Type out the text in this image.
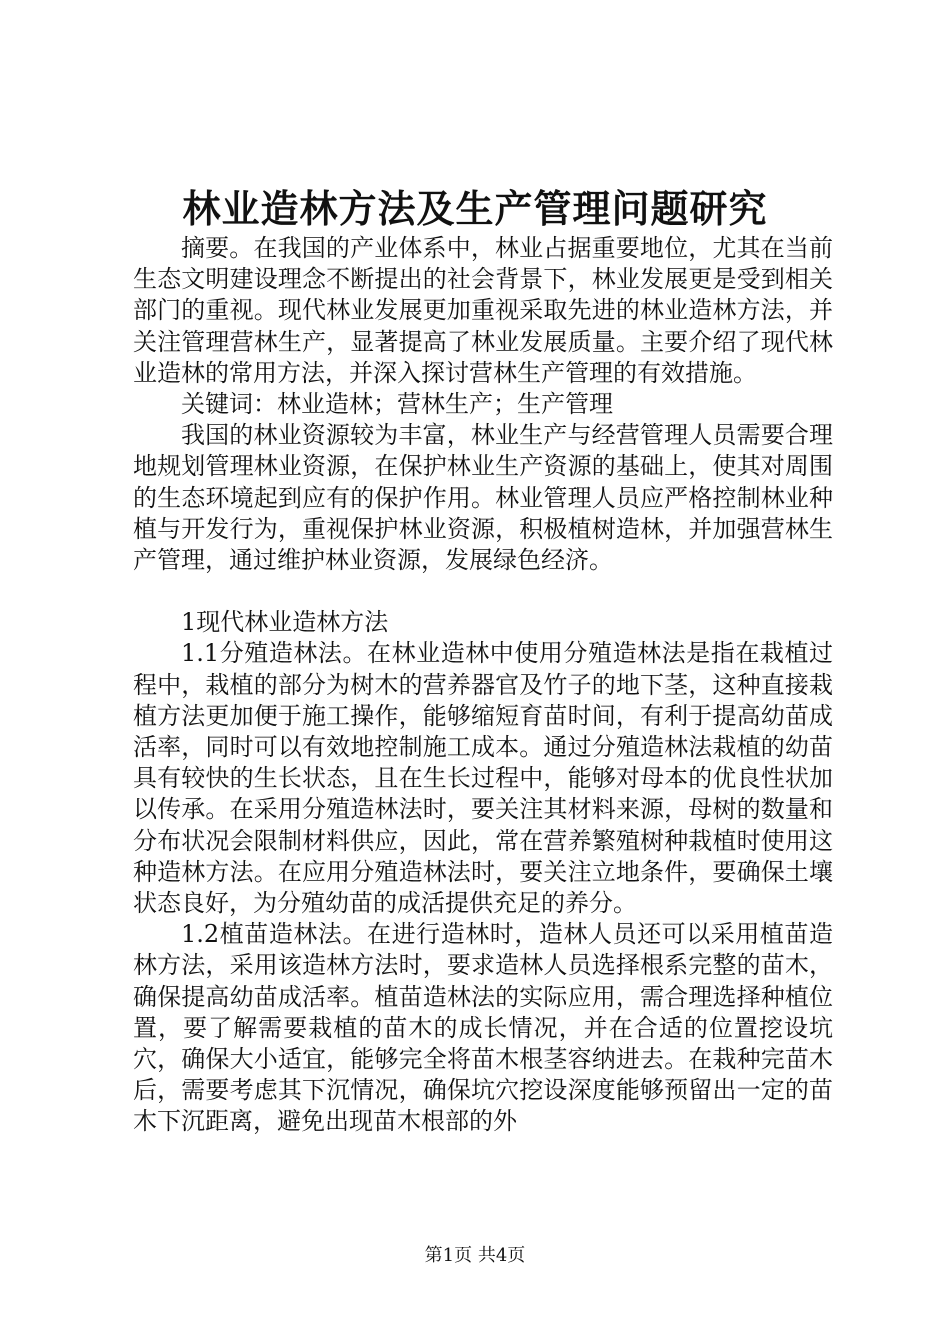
林业造林方法及生产管理问题研究

摘要。在我国的产业体系中，林业占据重要地位，尤其在当前生态文明建设理念不断提出的社会背景下，林业发展更是受到相关部门的重视。现代林业发展更加重视采取先进的林业造林方法，并关注管理营林生产，显著提高了林业发展质量。主要介绍了现代林业造林的常用方法，并深入探讨营林生产管理的有效措施。

关键词：林业造林；营林生产；生产管理

我国的林业资源较为丰富，林业生产与经营管理人员需要合理地规划管理林业资源，在保护林业生产资源的基础上，使其对周围的生态环境起到应有的保护作用。林业管理人员应严格控制林业种植与开发行为，重视保护林业资源，积极植树造林，并加强营林生产管理，通过维护林业资源，发展绿色经济。

1现代林业造林方法

1.1分殖造林法。在林业造林中使用分殖造林法是指在栽植过程中，栽植的部分为树木的营养器官及竹子的地下茎，这种直接栽植方法更加便于施工操作，能够缩短育苗时间，有利于提高幼苗成活率，同时可以有效地控制施工成本。通过分殖造林法栽植的幼苗具有较快的生长状态，且在生长过程中，能够对母本的优良性状加以传承。在采用分殖造林法时，要关注其材料来源，母树的数量和分布状况会限制材料供应，因此，常在营养繁殖树种栽植时使用这种造林方法。在应用分殖造林法时，要关注立地条件，要确保土壤状态良好，为分殖幼苗的成活提供充足的养分。

1.2植苗造林法。在进行造林时，造林人员还可以采用植苗造林方法，采用该造林方法时，要求造林人员选择根系完整的苗木，确保提高幼苗成活率。植苗造林法的实际应用，需合理选择种植位置，要了解需要栽植的苗木的成长情况，并在合适的位置挖设坑穴，确保大小适宜，能够完全将苗木根茎容纳进去。在栽种完苗木后，需要考虑其下沉情况，确保坑穴挖设深度能够预留出一定的苗木下沉距离，避免出现苗木根部的外

第1页 共4页
